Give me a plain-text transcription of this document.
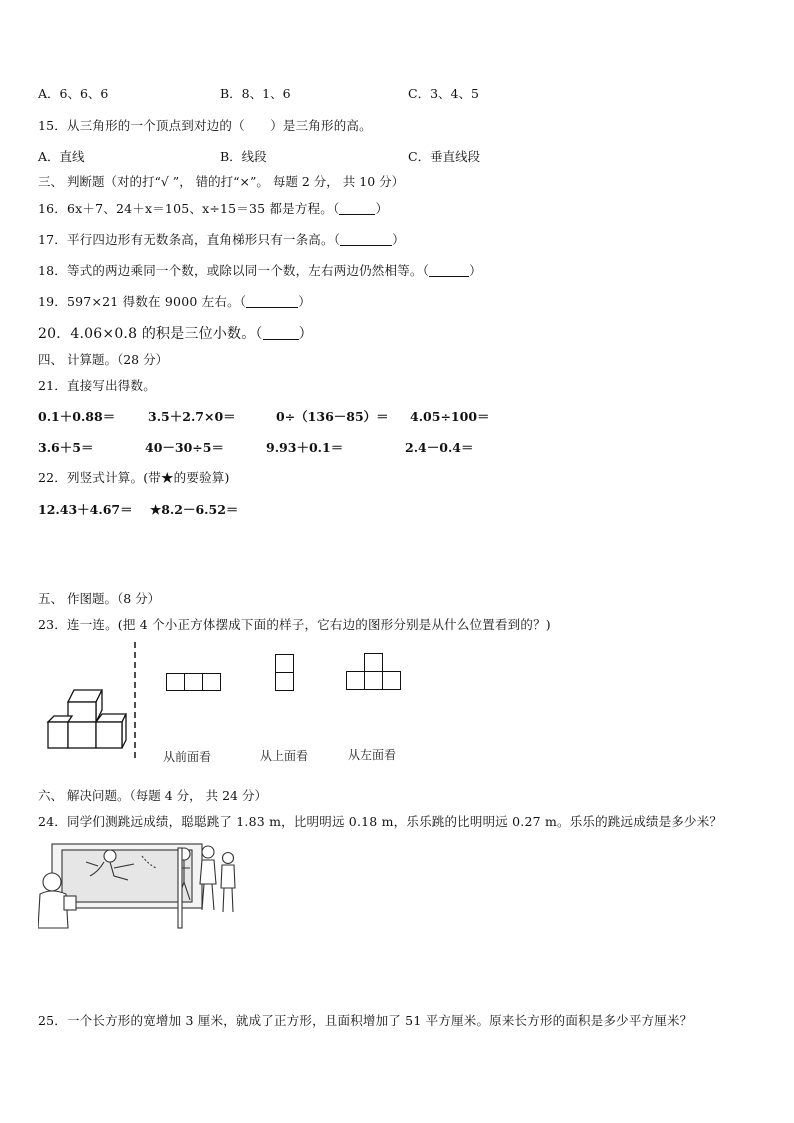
A．6、6、6	B．8、1、6	C．3、4、5
15．从三角形的一个顶点到对边的（　　）是三角形的高。
A．直线	B．线段	C．垂直线段
三、 判断题（对的打“√ ”， 错的打“×”。 每题 2 分， 共 10 分）
16．6x＋7、24＋x＝105、x÷15＝35 都是方程。（	）
17．平行四边形有无数条高，直角梯形只有一条高。（	）
18．等式的两边乘同一个数，或除以同一个数，左右两边仍然相等。（	）
19．597×21 得数在 9000 左右。（	）
20．4.06×0.8 的积是三位小数。（	）
四、 计算题。（28 分）
21．直接写出得数。
0.1＋0.88＝	3.5＋2.7×0＝	0÷（136－85）＝ 4.05÷100＝
3.6＋5＝	40－30÷5＝	9.93＋0.1＝	2.4－0.4＝
22．列竖式计算。(带★的要验算)
12.43＋4.67＝ ★8.2－6.52＝
五、 作图题。（8 分）
23．连一连。(把 4 个小正方体摆成下面的样子，它右边的图形分别是从什么位置看到的？)
从前面看	从上面看	从左面看
六、 解决问题。（每题 4 分， 共 24 分）
24．同学们测跳远成绩，聪聪跳了 1.83 m，比明明远 0.18 m，乐乐跳的比明明远 0.27 m。乐乐的跳远成绩是多少米？
25．一个长方形的宽增加 3 厘米，就成了正方形，且面积增加了 51 平方厘米。原来长方形的面积是多少平方厘米？
